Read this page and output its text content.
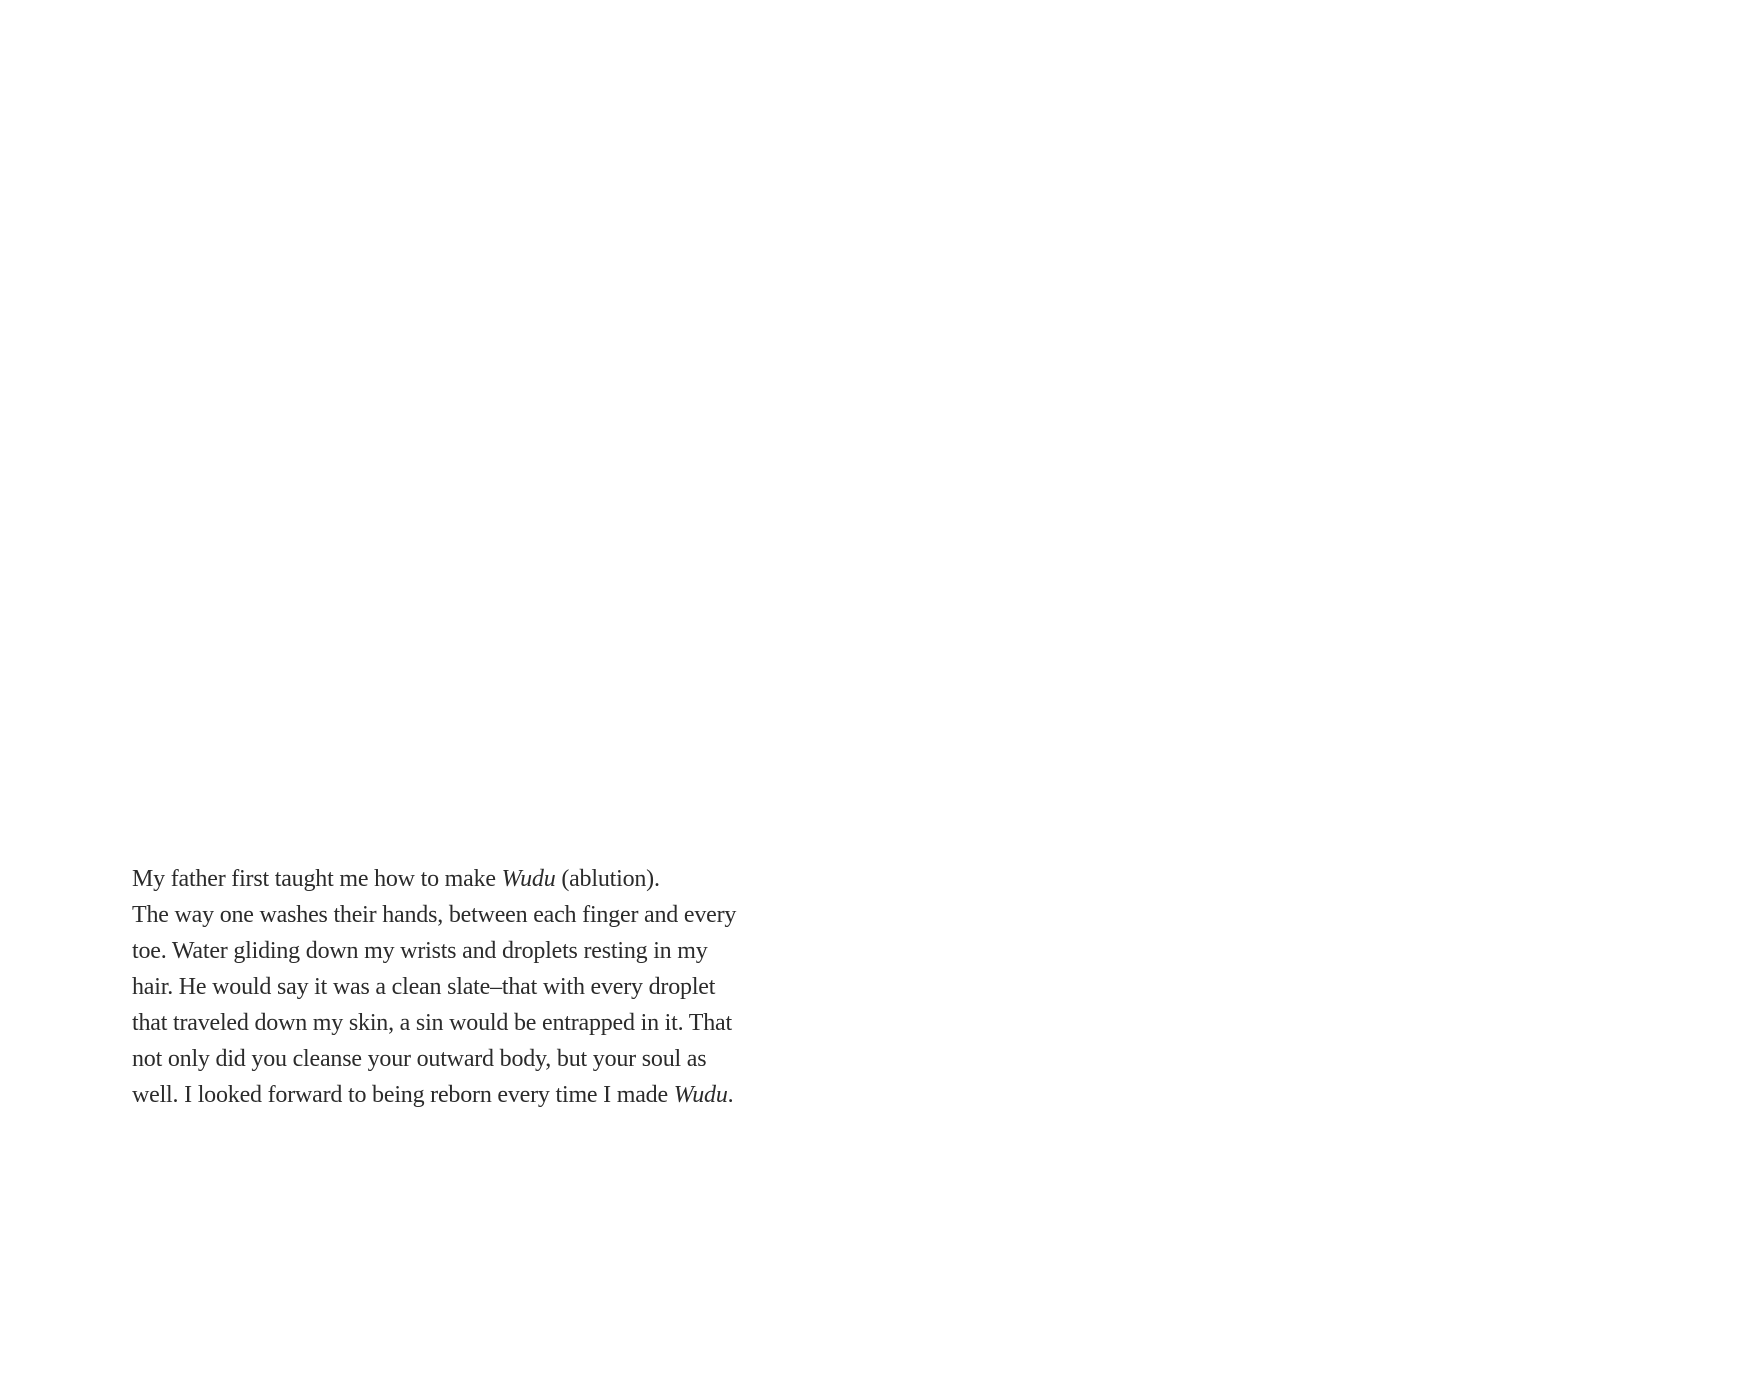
My father first taught me how to make Wudu (ablution).
The way one washes their hands, between each finger and every
toe. Water gliding down my wrists and droplets resting in my
hair. He would say it was a clean slate–that with every droplet
that traveled down my skin, a sin would be entrapped in it. That
not only did you cleanse your outward body, but your soul as
well. I looked forward to being reborn every time I made Wudu.
